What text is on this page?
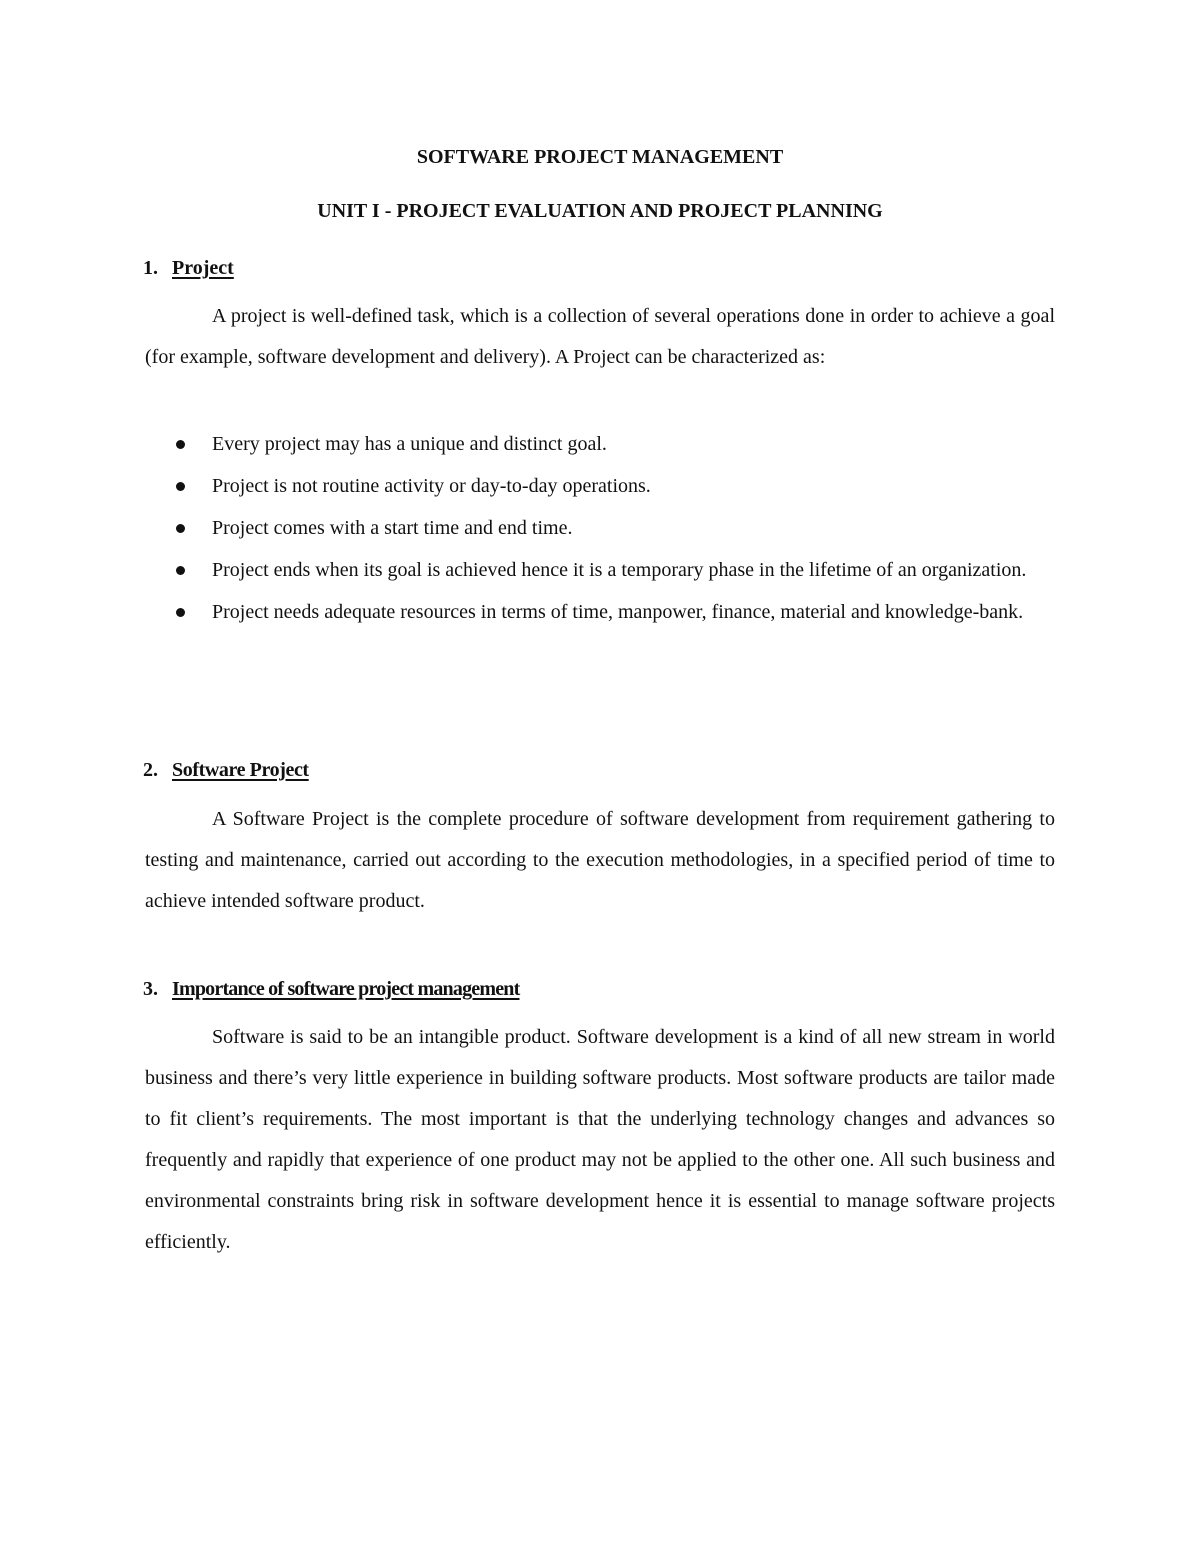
SOFTWARE PROJECT MANAGEMENT
UNIT I - PROJECT EVALUATION AND PROJECT PLANNING
1. Project

A project is well-defined task, which is a collection of several operations done in order to achieve a goal (for example, software development and delivery). A Project can be characterized as:

Every project may has a unique and distinct goal.
Project is not routine activity or day-to-day operations.
Project comes with a start time and end time.
Project ends when its goal is achieved hence it is a temporary phase in the lifetime of an organization.
Project needs adequate resources in terms of time, manpower, finance, material and knowledge-bank.
2. Software Project

A Software Project is the complete procedure of software development from requirement gathering to testing and maintenance, carried out according to the execution methodologies, in a specified period of time to achieve intended software product.

3. Importance of software project management

Software is said to be an intangible product. Software development is a kind of all new stream in world business and there’s very little experience in building software products. Most software products are tailor made to fit client’s requirements. The most important is that the underlying technology changes and advances so frequently and rapidly that experience of one product may not be applied to the other one. All such business and environmental constraints bring risk in software development hence it is essential to manage software projects efficiently.
